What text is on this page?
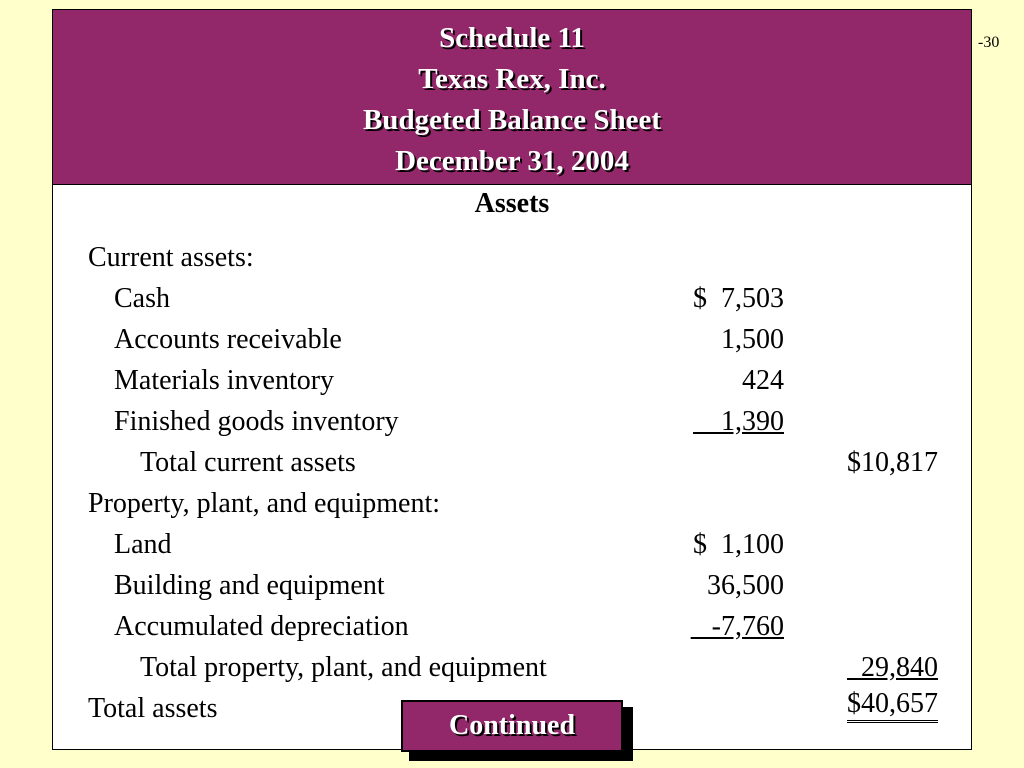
-30
Schedule 11
Texas Rex, Inc.
Budgeted Balance Sheet
December 31, 2004
Assets
Current assets:
Cash	$  7,503
Accounts receivable	1,500
Materials inventory	424
Finished goods inventory	1,390
Total current assets	$10,817
Property, plant, and equipment:
Land	$  1,100
Building and equipment	36,500
Accumulated depreciation	-7,760
Total property, plant, and equipment	29,840
Total assets	$40,657
Continued
